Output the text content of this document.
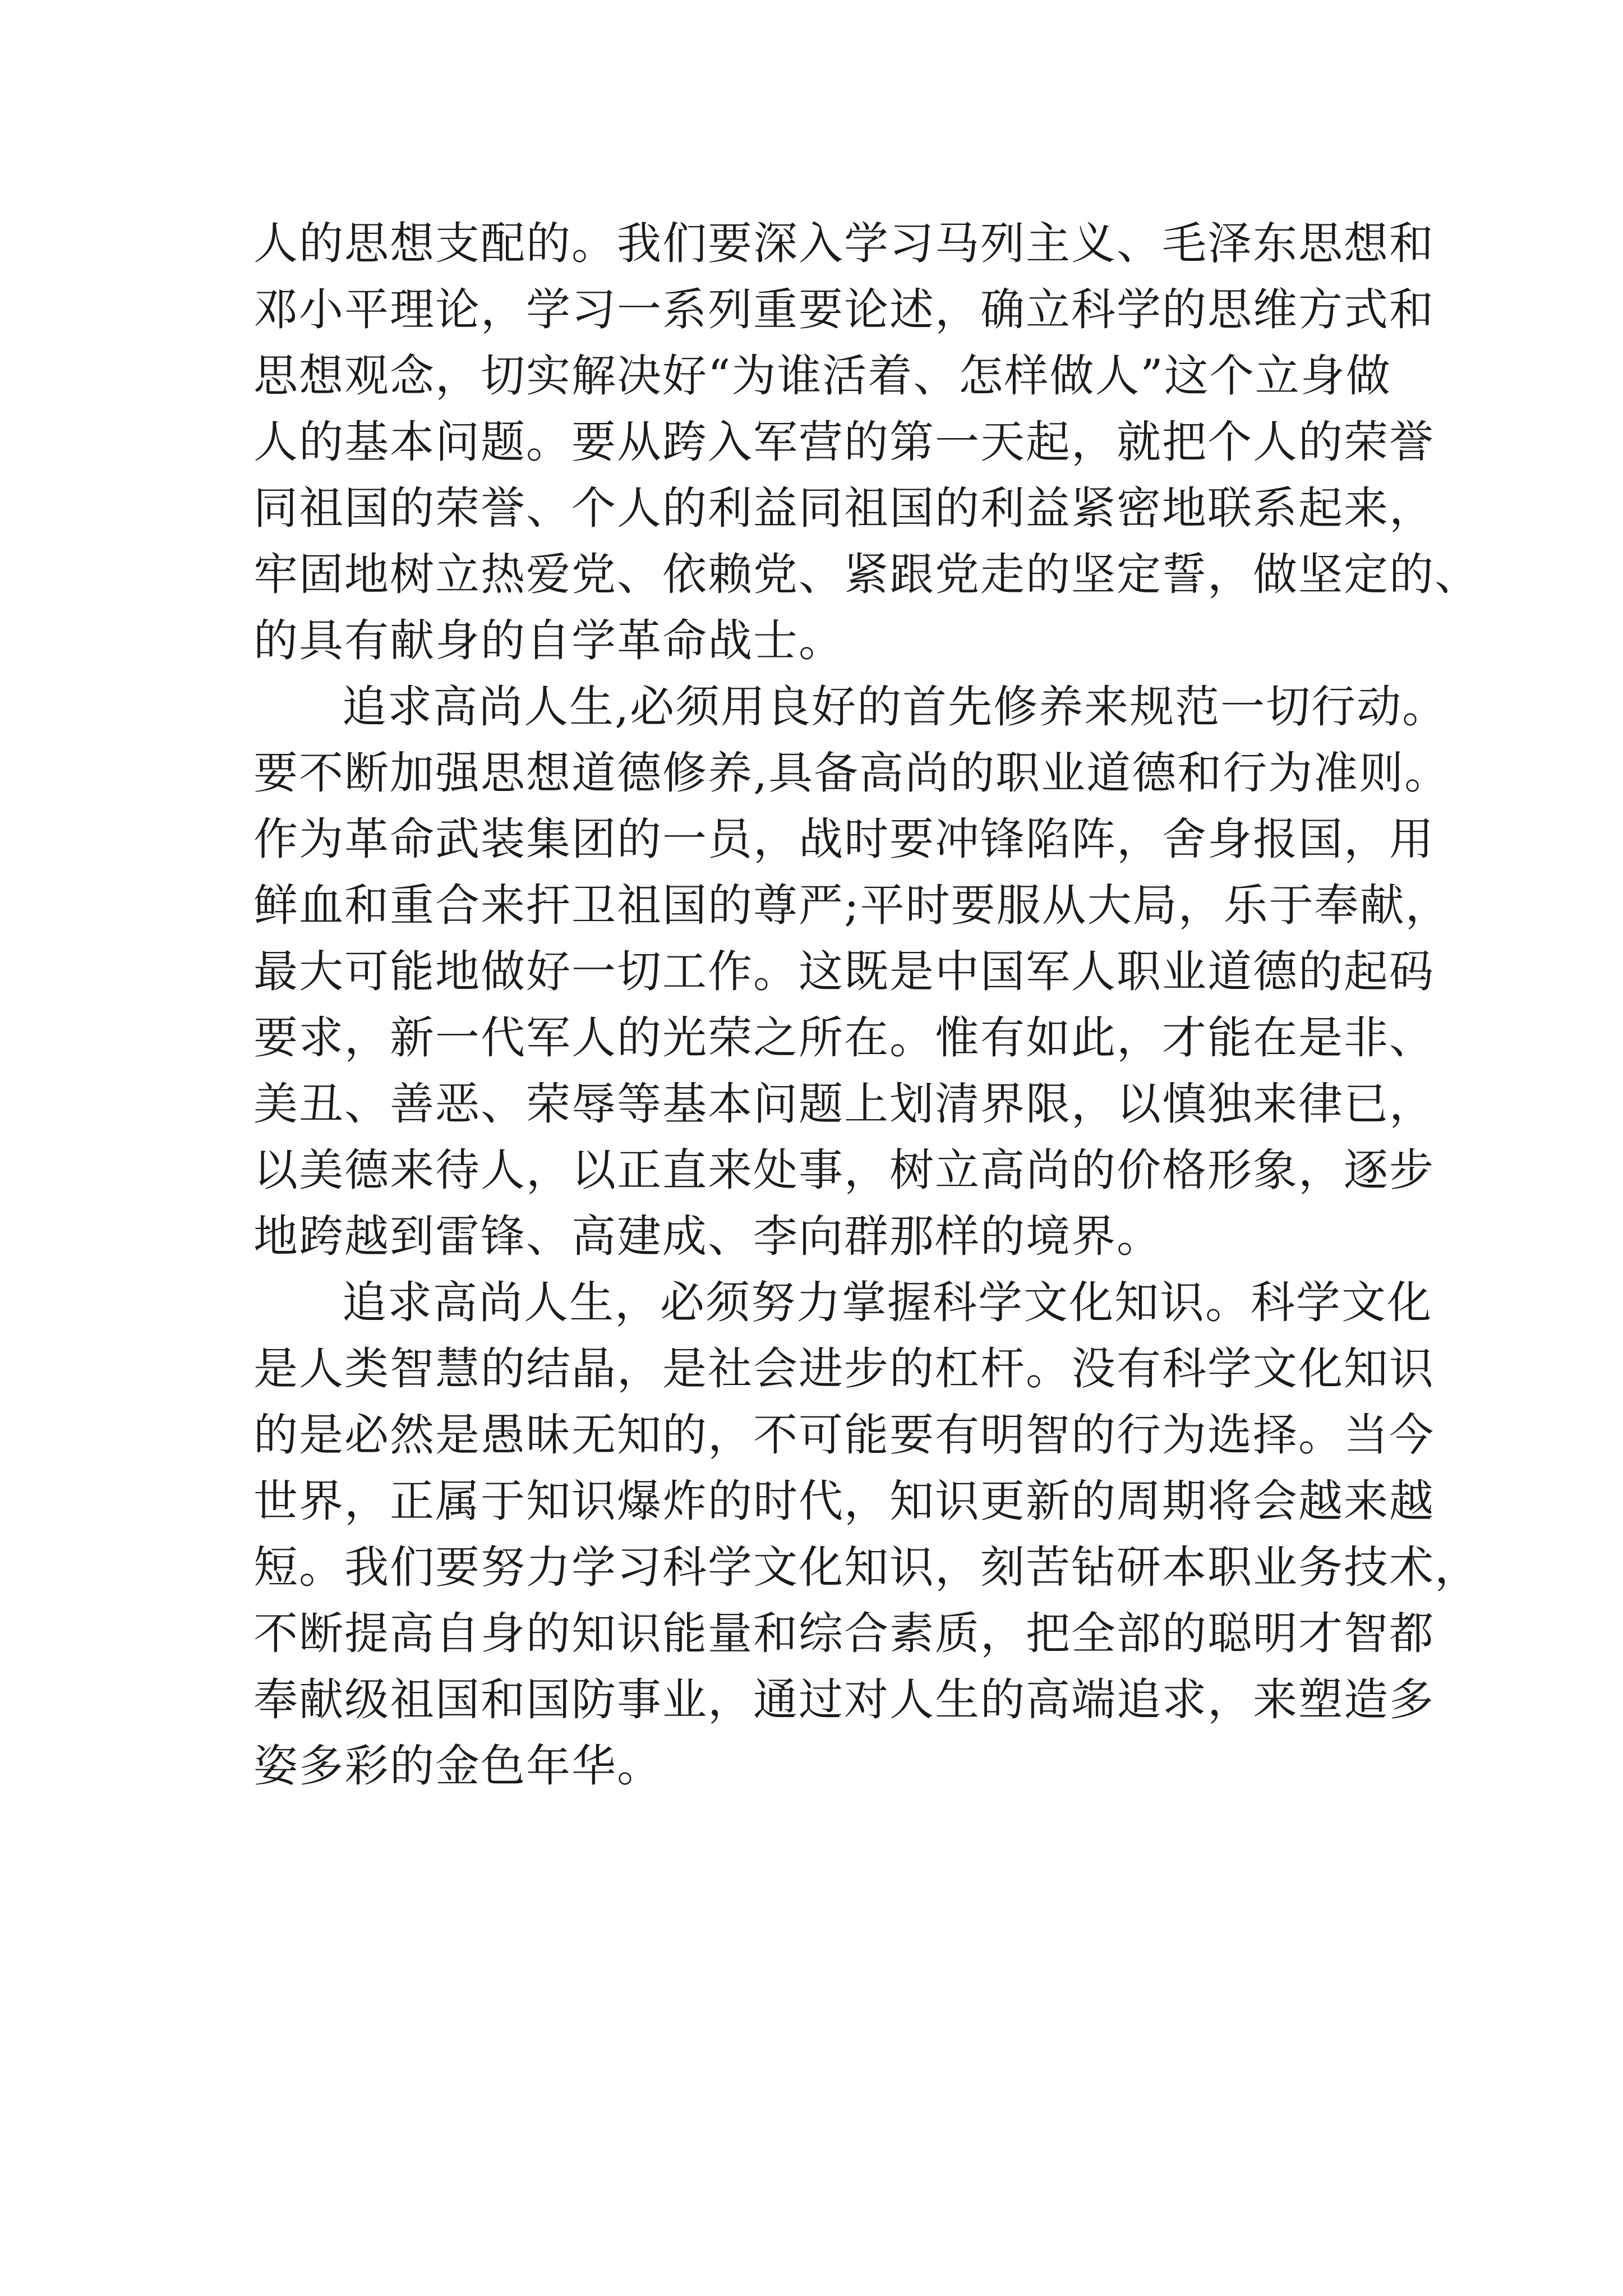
人的思想支配的。我们要深入学习马列主义、毛泽东思想和
邓小平理论，学习一系列重要论述，确立科学的思维方式和
思想观念，切实解决好“为谁活着、怎样做人”这个立身做
人的基本问题。要从跨入军营的第一天起，就把个人的荣誉
同祖国的荣誉、个人的利益同祖国的利益紧密地联系起来，
牢固地树立热爱党、依赖党、紧跟党走的坚定誓，做坚定的、
的具有献身的自学革命战士。
追求高尚人生,必须用良好的首先修养来规范一切行动。
要不断加强思想道德修养,具备高尚的职业道德和行为准则。
作为革命武装集团的一员，战时要冲锋陷阵，舍身报国，用
鲜血和重合来扞卫祖国的尊严;平时要服从大局，乐于奉献，
最大可能地做好一切工作。这既是中国军人职业道德的起码
要求，新一代军人的光荣之所在。惟有如此，才能在是非、
美丑、善恶、荣辱等基本问题上划清界限，以慎独来律已，
以美德来待人，以正直来处事，树立高尚的价格形象，逐步
地跨越到雷锋、高建成、李向群那样的境界。
追求高尚人生，必须努力掌握科学文化知识。科学文化
是人类智慧的结晶，是社会进步的杠杆。没有科学文化知识
的是必然是愚昧无知的，不可能要有明智的行为选择。当今
世界，正属于知识爆炸的时代，知识更新的周期将会越来越
短。我们要努力学习科学文化知识，刻苦钻研本职业务技术，
不断提高自身的知识能量和综合素质，把全部的聪明才智都
奉献级祖国和国防事业，通过对人生的高端追求，来塑造多
姿多彩的金色年华。
